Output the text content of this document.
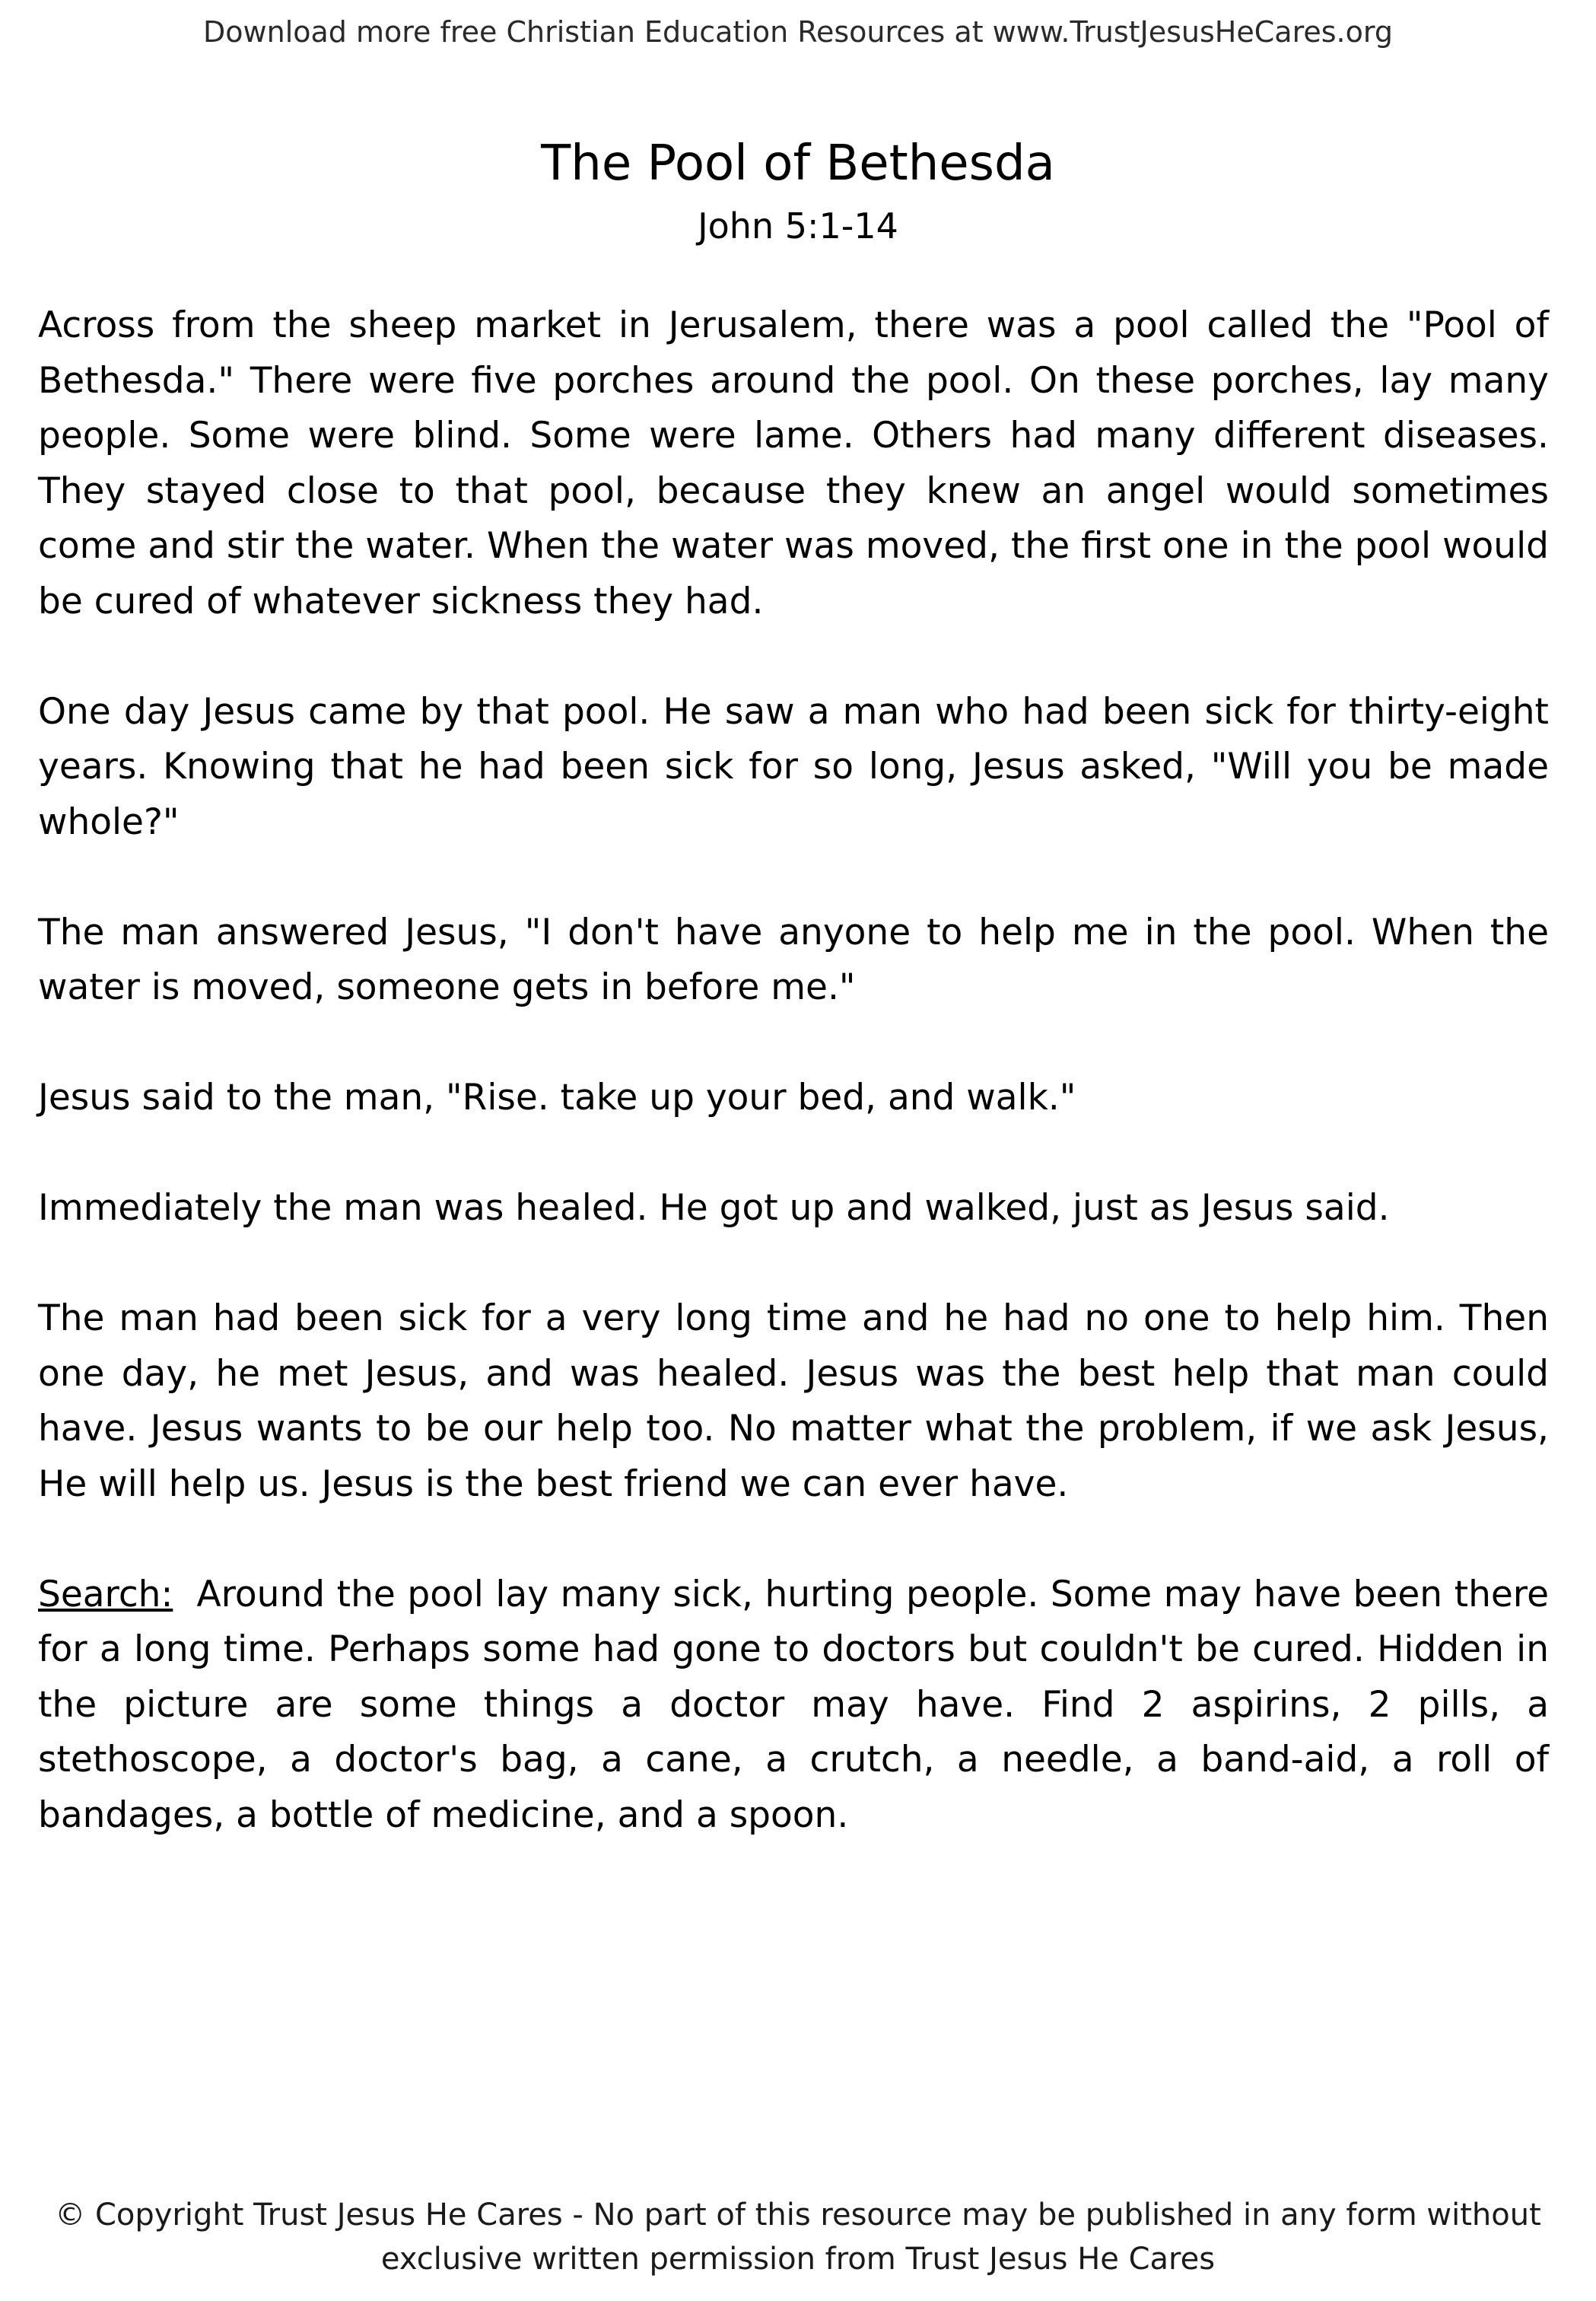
Download more free Christian Education Resources at www.TrustJesusHeCares.org
The Pool of Bethesda
John 5:1-14

Across from the sheep market in Jerusalem, there was a pool called the "Pool of Bethesda." There were five porches around the pool. On these porches, lay many people. Some were blind. Some were lame. Others had many different diseases. They stayed close to that pool, because they knew an angel would sometimes come and stir the water. When the water was moved, the first one in the pool would be cured of whatever sickness they had.

One day Jesus came by that pool. He saw a man who had been sick for thirty-eight years. Knowing that he had been sick for so long, Jesus asked, "Will you be made whole?"

The man answered Jesus, "I don't have anyone to help me in the pool. When the water is moved, someone gets in before me."

Jesus said to the man, "Rise. take up your bed, and walk."

Immediately the man was healed. He got up and walked, just as Jesus said.

The man had been sick for a very long time and he had no one to help him. Then one day, he met Jesus, and was healed. Jesus was the best help that man could have. Jesus wants to be our help too. No matter what the problem, if we ask Jesus, He will help us. Jesus is the best friend we can ever have.

Search: Around the pool lay many sick, hurting people. Some may have been there for a long time. Perhaps some had gone to doctors but couldn't be cured. Hidden in the picture are some things a doctor may have. Find 2 aspirins, 2 pills, a stethoscope, a doctor's bag, a cane, a crutch, a needle, a band-aid, a roll of bandages, a bottle of medicine, and a spoon.

© Copyright Trust Jesus He Cares - No part of this resource may be published in any form without
exclusive written permission from Trust Jesus He Cares
